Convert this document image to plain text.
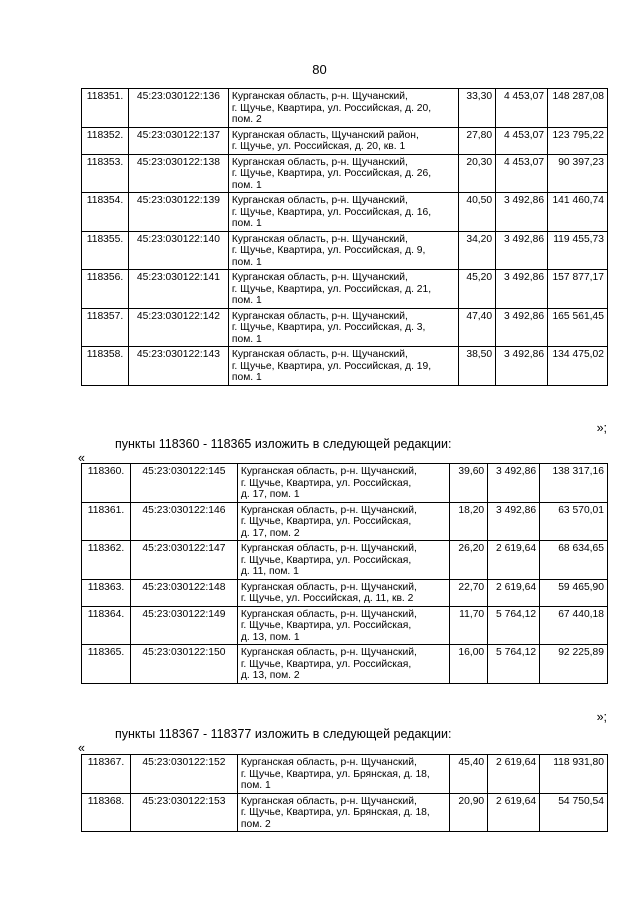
80
118351.	45:23:030122:136	Курганская область, р-н. Щучанский,
г. Щучье, Квартира, ул. Российская, д. 20,
пом. 2	33,30	4 453,07	148 287,08
118352.	45:23:030122:137	Курганская область, Щучанский район,
г. Щучье, ул. Российская, д. 20, кв. 1	27,80	4 453,07	123 795,22
118353.	45:23:030122:138	Курганская область, р-н. Щучанский,
г. Щучье, Квартира, ул. Российская, д. 26,
пом. 1	20,30	4 453,07	90 397,23
118354.	45:23:030122:139	Курганская область, р-н. Щучанский,
г. Щучье, Квартира, ул. Российская, д. 16,
пом. 1	40,50	3 492,86	141 460,74
118355.	45:23:030122:140	Курганская область, р-н. Щучанский,
г. Щучье, Квартира, ул. Российская, д. 9,
пом. 1	34,20	3 492,86	119 455,73
118356.	45:23:030122:141	Курганская область, р-н. Щучанский,
г. Щучье, Квартира, ул. Российская, д. 21,
пом. 1	45,20	3 492,86	157 877,17
118357.	45:23:030122:142	Курганская область, р-н. Щучанский,
г. Щучье, Квартира, ул. Российская, д. 3,
пом. 1	47,40	3 492,86	165 561,45
118358.	45:23:030122:143	Курганская область, р-н. Щучанский,
г. Щучье, Квартира, ул. Российская, д. 19,
пом. 1	38,50	3 492,86	134 475,02
»;
пункты 118360 - 118365 изложить в следующей редакции:
«
118360.	45:23:030122:145	Курганская область, р-н. Щучанский,
г. Щучье, Квартира, ул. Российская,
д. 17, пом. 1	39,60	3 492,86	138 317,16
118361.	45:23:030122:146	Курганская область, р-н. Щучанский,
г. Щучье, Квартира, ул. Российская,
д. 17, пом. 2	18,20	3 492,86	63 570,01
118362.	45:23:030122:147	Курганская область, р-н. Щучанский,
г. Щучье, Квартира, ул. Российская,
д. 11, пом. 1	26,20	2 619,64	68 634,65
118363.	45:23:030122:148	Курганская область, р-н. Щучанский,
г. Щучье, ул. Российская, д. 11, кв. 2	22,70	2 619,64	59 465,90
118364.	45:23:030122:149	Курганская область, р-н. Щучанский,
г. Щучье, Квартира, ул. Российская,
д. 13, пом. 1	11,70	5 764,12	67 440,18
118365.	45:23:030122:150	Курганская область, р-н. Щучанский,
г. Щучье, Квартира, ул. Российская,
д. 13, пом. 2	16,00	5 764,12	92 225,89
»;
пункты 118367 - 118377 изложить в следующей редакции:
«
118367.	45:23:030122:152	Курганская область, р-н. Щучанский,
г. Щучье, Квартира, ул. Брянская, д. 18,
пом. 1	45,40	2 619,64	118 931,80
118368.	45:23:030122:153	Курганская область, р-н. Щучанский,
г. Щучье, Квартира, ул. Брянская, д. 18,
пом. 2	20,90	2 619,64	54 750,54
